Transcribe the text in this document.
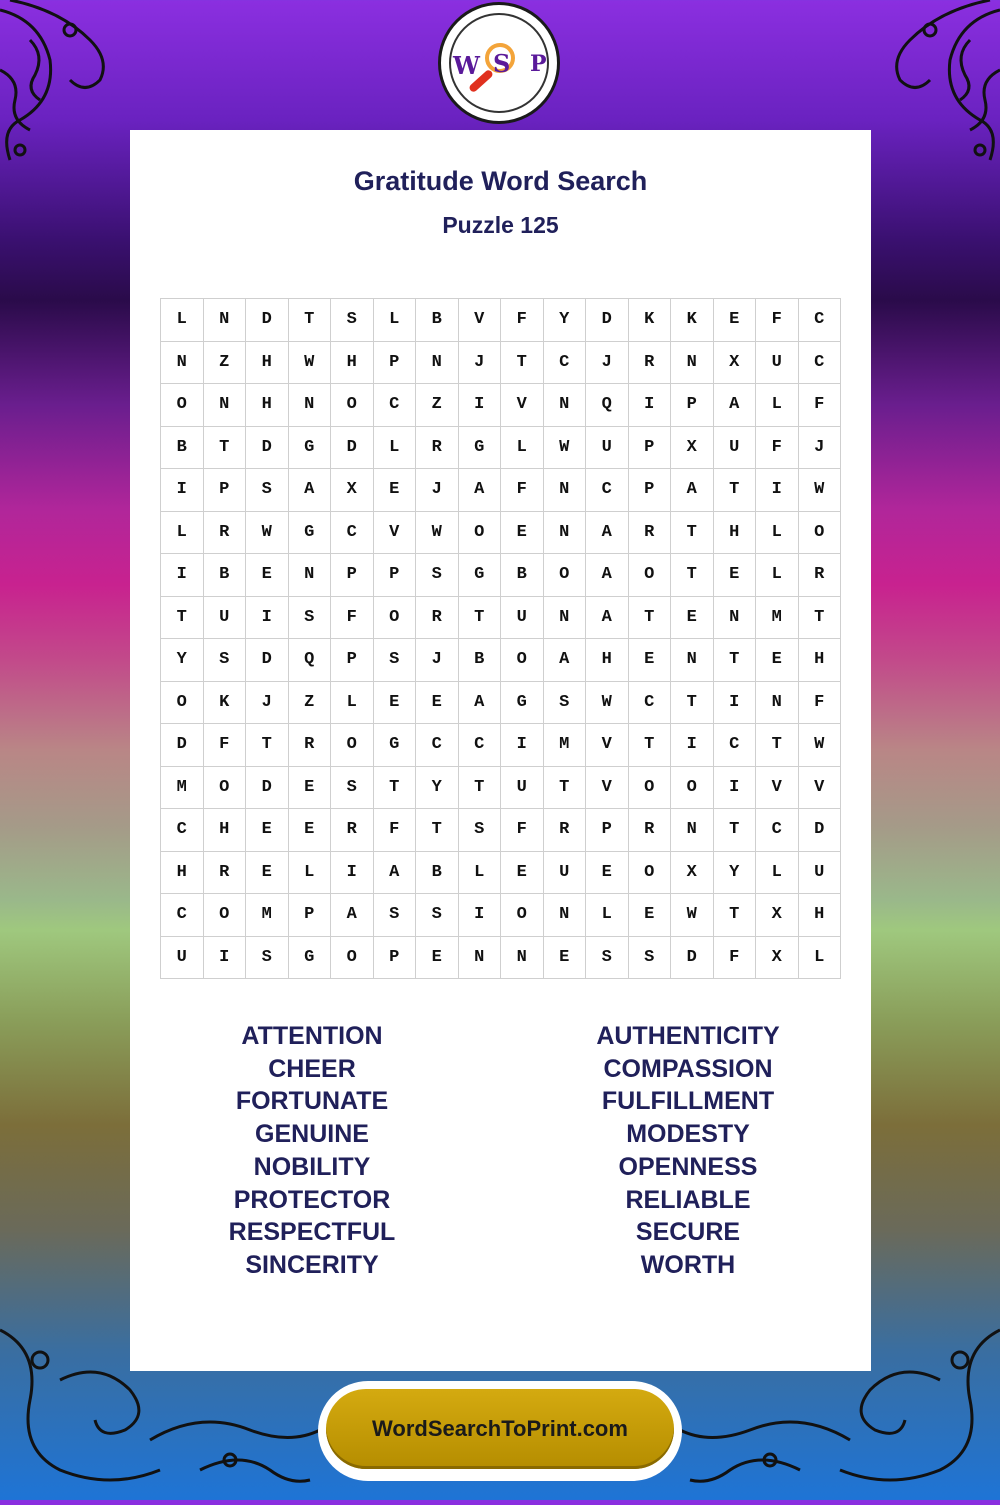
W S P
Gratitude Word Search
Puzzle 125
L	N	D	T	S	L	B	V	F	Y	D	K	K	E	F	C
N	Z	H	W	H	P	N	J	T	C	J	R	N	X	U	C
O	N	H	N	O	C	Z	I	V	N	Q	I	P	A	L	F
B	T	D	G	D	L	R	G	L	W	U	P	X	U	F	J
I	P	S	A	X	E	J	A	F	N	C	P	A	T	I	W
L	R	W	G	C	V	W	O	E	N	A	R	T	H	L	O
I	B	E	N	P	P	S	G	B	O	A	O	T	E	L	R
T	U	I	S	F	O	R	T	U	N	A	T	E	N	M	T
Y	S	D	Q	P	S	J	B	O	A	H	E	N	T	E	H
O	K	J	Z	L	E	E	A	G	S	W	C	T	I	N	F
D	F	T	R	O	G	C	C	I	M	V	T	I	C	T	W
M	O	D	E	S	T	Y	T	U	T	V	O	O	I	V	V
C	H	E	E	R	F	T	S	F	R	P	R	N	T	C	D
H	R	E	L	I	A	B	L	E	U	E	O	X	Y	L	U
C	O	M	P	A	S	S	I	O	N	L	E	W	T	X	H
U	I	S	G	O	P	E	N	N	E	S	S	D	F	X	L
ATTENTION
CHEER
FORTUNATE
GENUINE
NOBILITY
PROTECTOR
RESPECTFUL
SINCERITY
AUTHENTICITY
COMPASSION
FULFILLMENT
MODESTY
OPENNESS
RELIABLE
SECURE
WORTH
WordSearchToPrint.com
